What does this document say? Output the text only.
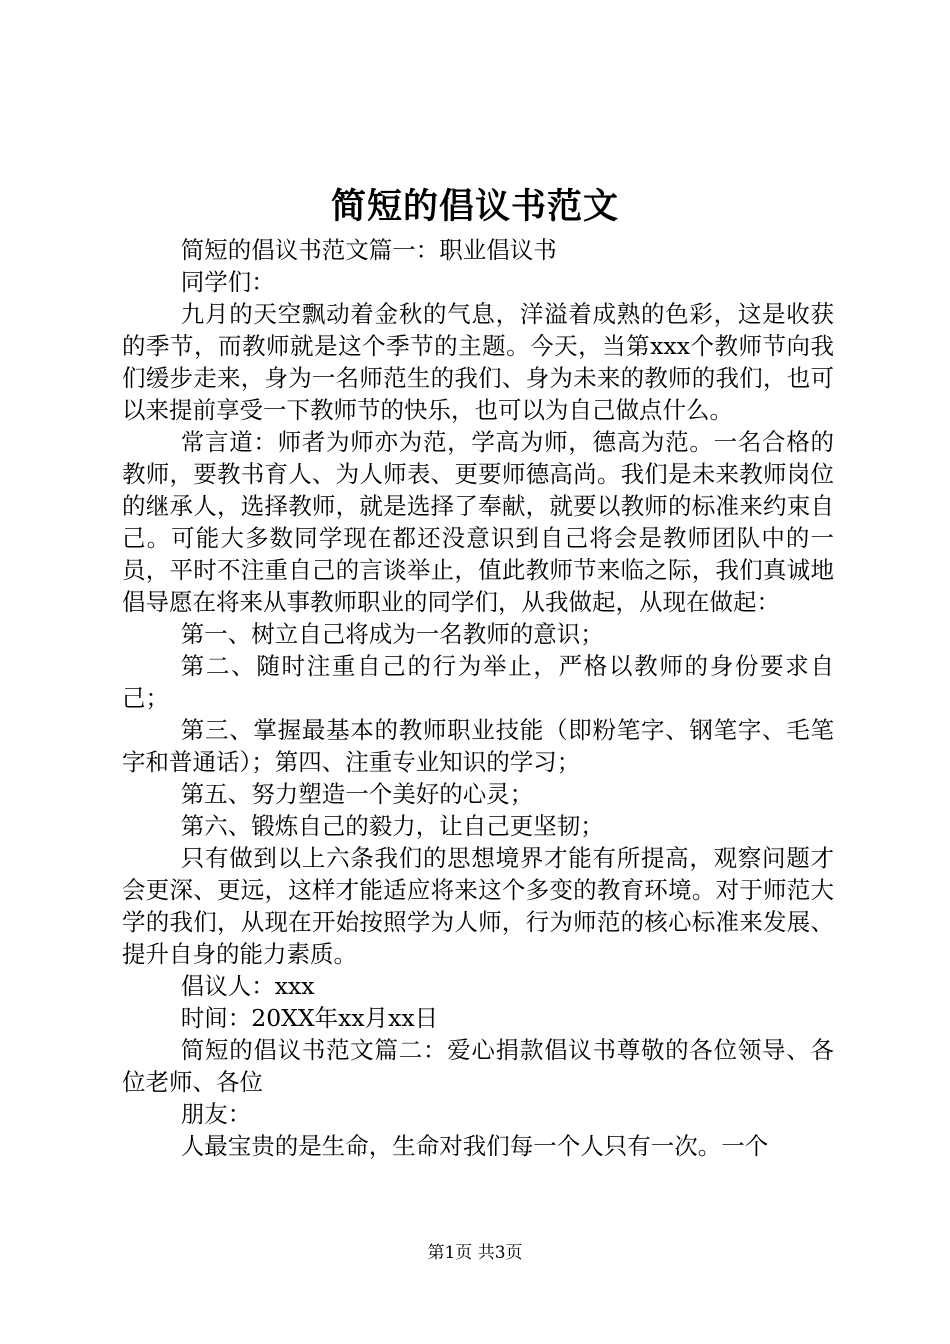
简短的倡议书范文

简短的倡议书范文篇一：职业倡议书

同学们：

九月的天空飘动着金秋的气息，洋溢着成熟的色彩，这是收获的季节，而教师就是这个季节的主题。今天，当第xxx个教师节向我们缓步走来，身为一名师范生的我们、身为未来的教师的我们，也可以来提前享受一下教师节的快乐，也可以为自己做点什么。

常言道：师者为师亦为范，学高为师，德高为范。一名合格的教师，要教书育人、为人师表、更要师德高尚。我们是未来教师岗位的继承人，选择教师，就是选择了奉献，就要以教师的标准来约束自己。可能大多数同学现在都还没意识到自己将会是教师团队中的一员，平时不注重自己的言谈举止，值此教师节来临之际，我们真诚地倡导愿在将来从事教师职业的同学们，从我做起，从现在做起：

第一、树立自己将成为一名教师的意识；

第二、随时注重自己的行为举止，严格以教师的身份要求自己；

第三、掌握最基本的教师职业技能（即粉笔字、钢笔字、毛笔字和普通话）；第四、注重专业知识的学习；

第五、努力塑造一个美好的心灵；

第六、锻炼自己的毅力，让自己更坚韧；

只有做到以上六条我们的思想境界才能有所提高，观察问题才会更深、更远，这样才能适应将来这个多变的教育环境。对于师范大学的我们，从现在开始按照学为人师，行为师范的核心标准来发展、提升自身的能力素质。

倡议人：xxx

时间：20XX年xx月xx日

简短的倡议书范文篇二：爱心捐款倡议书尊敬的各位领导、各位老师、各位

朋友：

人最宝贵的是生命，生命对我们每一个人只有一次。一个

第1页 共3页
